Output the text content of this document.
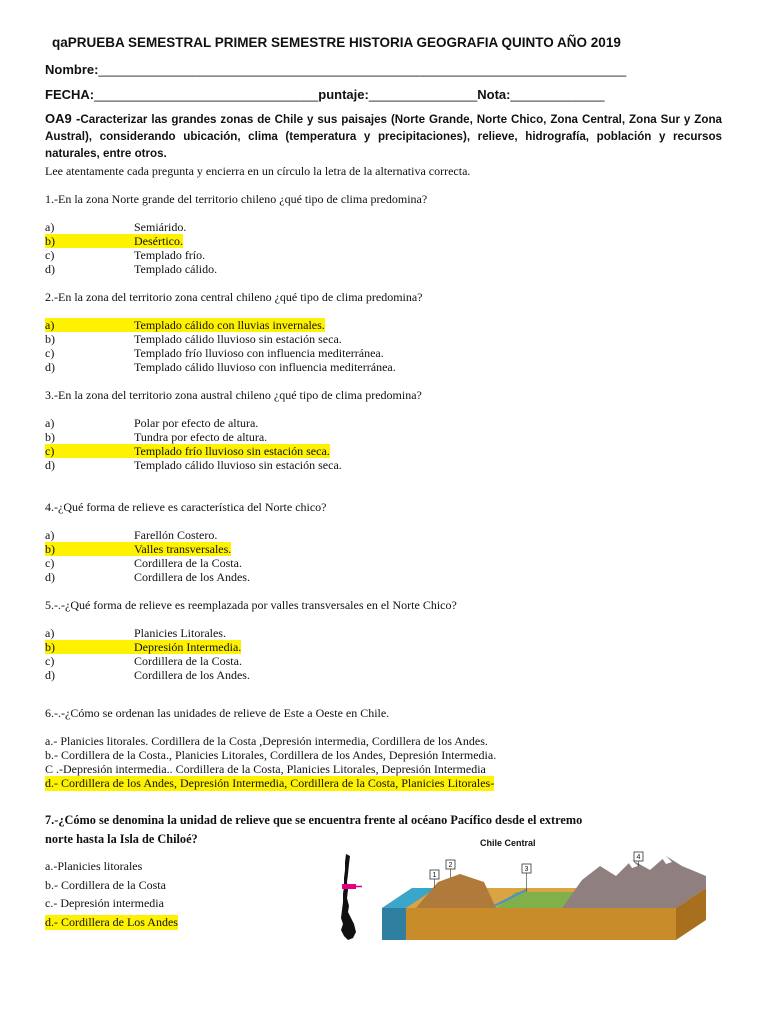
qaPRUEBA SEMESTRAL PRIMER SEMESTRE HISTORIA GEOGRAFIA QUINTO AÑO 2019
Nombre:_________________________________________________________________________
FECHA:_______________________________puntaje:_______________Nota:_____________
OA9 -Caracterizar las grandes zonas de Chile y sus paisajes (Norte Grande, Norte Chico, Zona Central, Zona Sur y Zona Austral), considerando ubicación, clima (temperatura y precipitaciones), relieve, hidrografía, población y recursos naturales, entre otros.
Lee atentamente cada pregunta y encierra en un círculo la letra de la alternativa correcta.
1.-En la zona Norte grande del territorio chileno ¿qué tipo de clima predomina?
a)	Semiárido.
b)	Desértico.
c)	Templado frío.
d)	Templado cálido.
2.-En la zona del territorio zona central chileno ¿qué tipo de clima predomina?
a)	Templado cálido con lluvias invernales.
b)	Templado cálido lluvioso sin estación seca.
c)	Templado frío lluvioso con influencia mediterránea.
d)	Templado cálido lluvioso con influencia mediterránea.
3.-En la zona del territorio zona austral chileno ¿qué tipo de clima predomina?
a)	Polar por efecto de altura.
b)	Tundra por efecto de altura.
c)	Templado frío lluvioso sin estación seca.
d)	Templado cálido lluvioso sin estación seca.
4.-¿Qué forma de relieve es característica del Norte chico?
a)	Farellón Costero.
b)	Valles transversales.
c)	Cordillera de la Costa.
d)	Cordillera de los Andes.
5.-.-¿Qué forma de relieve es reemplazada por valles transversales en el Norte Chico?
a)	Planicies Litorales.
b)	Depresión Intermedia.
c)	Cordillera de la Costa.
d)	Cordillera de los Andes.
6.-.-¿Cómo se ordenan las unidades de relieve de Este a Oeste en Chile.
a.- Planicies litorales. Cordillera de la Costa ,Depresión intermedia, Cordillera de los Andes.
b.- Cordillera de la Costa., Planicies Litorales, Cordillera de los Andes, Depresión Intermedia.
C .-Depresión intermedia.. Cordillera de la Costa, Planicies Litorales, Depresión Intermedia
d.- Cordillera de los Andes, Depresión Intermedia, Cordillera de la Costa, Planicies Litorales-
7.-¿Cómo se denomina la unidad de relieve que se encuentra frente al océano Pacífico desde el extremo
norte hasta la Isla de Chiloé?
a.-Planicies litorales
b.- Cordillera de la Costa
c.- Depresión intermedia
d.- Cordillera de Los Andes
Chile Central
1
2
3
4
